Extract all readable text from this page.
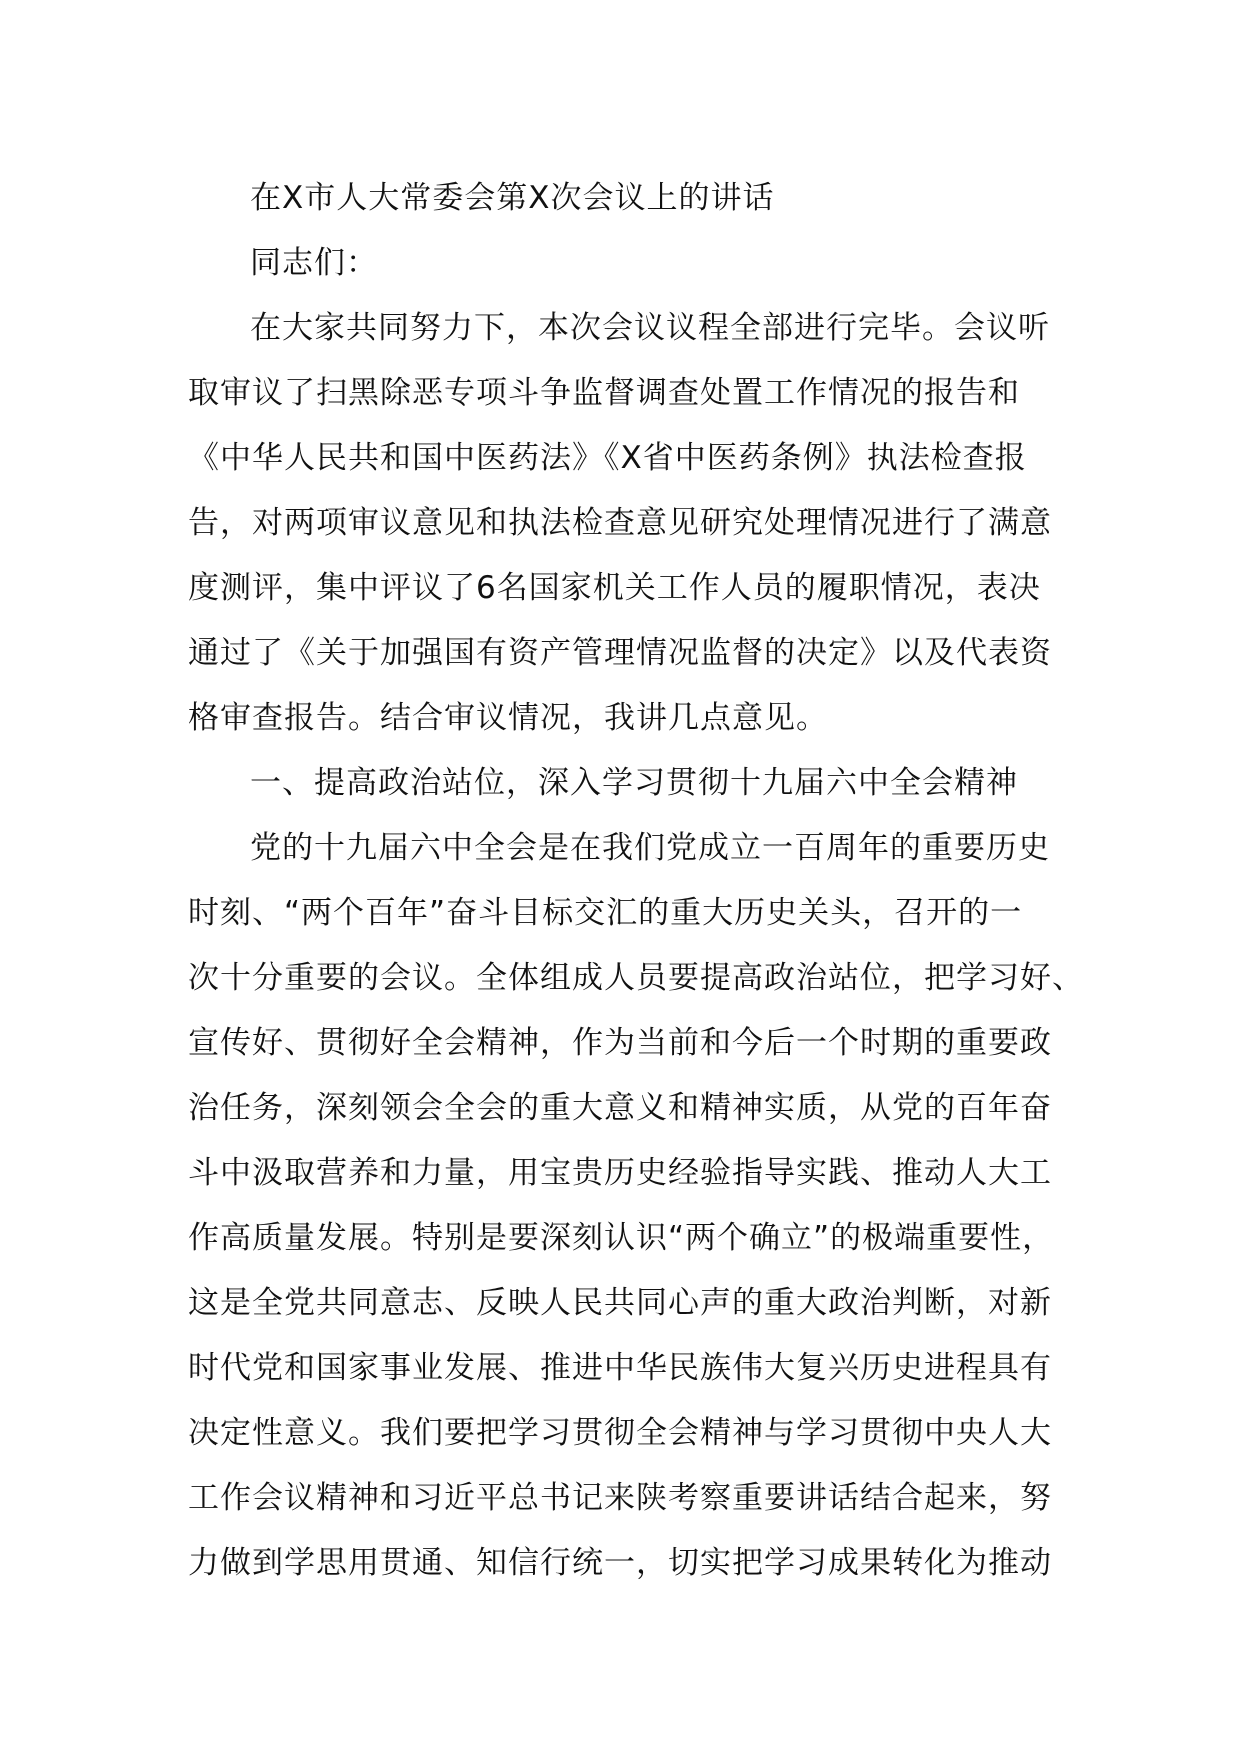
在X市人大常委会第X次会议上的讲话
同志们：
在大家共同努力下，本次会议议程全部进行完毕。会议听
取审议了扫黑除恶专项斗争监督调查处置工作情况的报告和
《中华人民共和国中医药法》《X省中医药条例》执法检查报
告，对两项审议意见和执法检查意见研究处理情况进行了满意
度测评，集中评议了6名国家机关工作人员的履职情况，表决
通过了《关于加强国有资产管理情况监督的决定》以及代表资
格审查报告。结合审议情况，我讲几点意见。
一、提高政治站位，深入学习贯彻十九届六中全会精神
党的十九届六中全会是在我们党成立一百周年的重要历史
时刻、“两个百年”奋斗目标交汇的重大历史关头，召开的一
次十分重要的会议。全体组成人员要提高政治站位，把学习好、
宣传好、贯彻好全会精神，作为当前和今后一个时期的重要政
治任务，深刻领会全会的重大意义和精神实质，从党的百年奋
斗中汲取营养和力量，用宝贵历史经验指导实践、推动人大工
作高质量发展。特别是要深刻认识“两个确立”的极端重要性，
这是全党共同意志、反映人民共同心声的重大政治判断，对新
时代党和国家事业发展、推进中华民族伟大复兴历史进程具有
决定性意义。我们要把学习贯彻全会精神与学习贯彻中央人大
工作会议精神和习近平总书记来陕考察重要讲话结合起来，努
力做到学思用贯通、知信行统一，切实把学习成果转化为推动
